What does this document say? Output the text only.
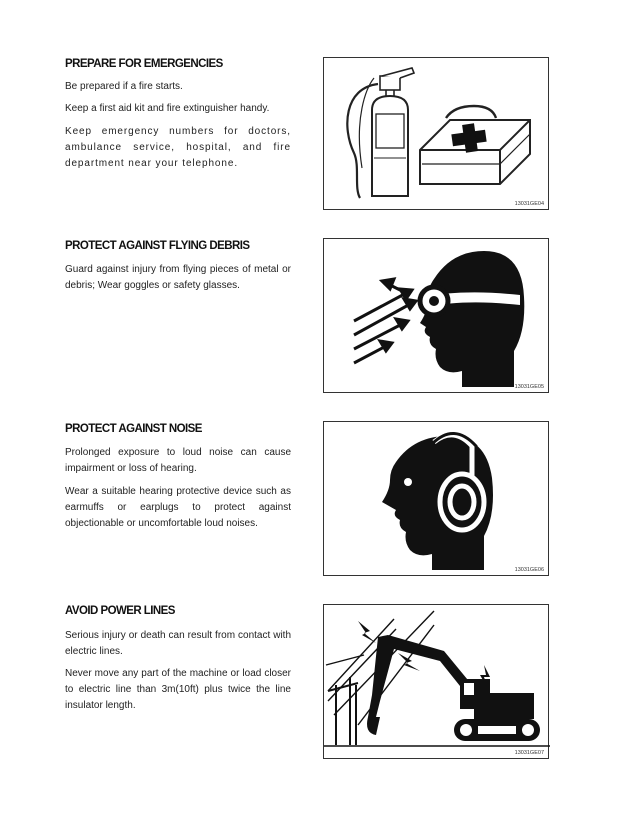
PREPARE FOR EMERGENCIES
Be prepared if a fire starts.
Keep a first aid kit and fire extinguisher handy.
Keep emergency numbers for doctors, ambulance service, hospital, and fire department near your telephone.
13031GE04
PROTECT AGAINST FLYING DEBRIS
Guard against injury from flying pieces of metal or debris; Wear goggles or safety glasses.
13031GE05
PROTECT AGAINST NOISE
Prolonged exposure to loud noise can cause impairment or loss of hearing.
Wear a suitable hearing protective device such as earmuffs or earplugs to protect against objectionable or uncomfortable loud noises.
13031GE06
AVOID POWER LINES
Serious injury or death can result from contact with electric lines.
Never move any part of the machine or load closer to electric line than 3m(10ft) plus twice the line insulator length.
13031GE07
